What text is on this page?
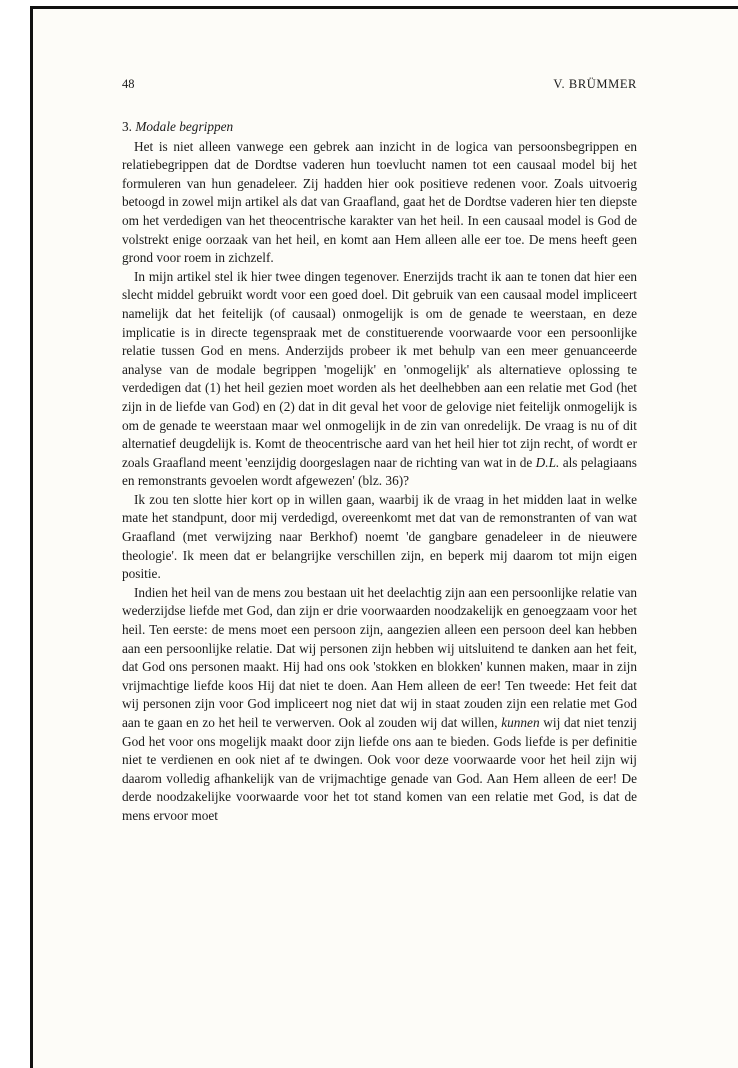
48	V. BRÜMMER
3. Modale begrippen

Het is niet alleen vanwege een gebrek aan inzicht in de logica van persoonsbegrippen en relatiebegrippen dat de Dordtse vaderen hun toevlucht namen tot een causaal model bij het formuleren van hun genadeleer. Zij hadden hier ook positieve redenen voor. Zoals uitvoerig betoogd in zowel mijn artikel als dat van Graafland, gaat het de Dordtse vaderen hier ten diepste om het verdedigen van het theocentrische karakter van het heil. In een causaal model is God de volstrekt enige oorzaak van het heil, en komt aan Hem alleen alle eer toe. De mens heeft geen grond voor roem in zichzelf.

In mijn artikel stel ik hier twee dingen tegenover. Enerzijds tracht ik aan te tonen dat hier een slecht middel gebruikt wordt voor een goed doel. Dit gebruik van een causaal model impliceert namelijk dat het feitelijk (of causaal) onmogelijk is om de genade te weerstaan, en deze implicatie is in directe tegenspraak met de constituerende voorwaarde voor een persoonlijke relatie tussen God en mens. Anderzijds probeer ik met behulp van een meer genuanceerde analyse van de modale begrippen 'mogelijk' en 'onmogelijk' als alternatieve oplossing te verdedigen dat (1) het heil gezien moet worden als het deelhebben aan een relatie met God (het zijn in de liefde van God) en (2) dat in dit geval het voor de gelovige niet feitelijk onmogelijk is om de genade te weerstaan maar wel onmogelijk in de zin van onredelijk. De vraag is nu of dit alternatief deugdelijk is. Komt de theocentrische aard van het heil hier tot zijn recht, of wordt er zoals Graafland meent 'eenzijdig doorgeslagen naar de richting van wat in de D.L. als pelagiaans en remonstrants gevoelen wordt afgewezen' (blz. 36)?

Ik zou ten slotte hier kort op in willen gaan, waarbij ik de vraag in het midden laat in welke mate het standpunt, door mij verdedigd, overeenkomt met dat van de remonstranten of van wat Graafland (met verwijzing naar Berkhof) noemt 'de gangbare genadeleer in de nieuwere theologie'. Ik meen dat er belangrijke verschillen zijn, en beperk mij daarom tot mijn eigen positie.

Indien het heil van de mens zou bestaan uit het deelachtig zijn aan een persoonlijke relatie van wederzijdse liefde met God, dan zijn er drie voorwaarden noodzakelijk en genoegzaam voor het heil. Ten eerste: de mens moet een persoon zijn, aangezien alleen een persoon deel kan hebben aan een persoonlijke relatie. Dat wij personen zijn hebben wij uitsluitend te danken aan het feit, dat God ons personen maakt. Hij had ons ook 'stokken en blokken' kunnen maken, maar in zijn vrijmachtige liefde koos Hij dat niet te doen. Aan Hem alleen de eer! Ten tweede: Het feit dat wij personen zijn voor God impliceert nog niet dat wij in staat zouden zijn een relatie met God aan te gaan en zo het heil te verwerven. Ook al zouden wij dat willen, kunnen wij dat niet tenzij God het voor ons mogelijk maakt door zijn liefde ons aan te bieden. Gods liefde is per definitie niet te verdienen en ook niet af te dwingen. Ook voor deze voorwaarde voor het heil zijn wij daarom volledig afhankelijk van de vrijmachtige genade van God. Aan Hem alleen de eer! De derde noodzakelijke voorwaarde voor het tot stand komen van een relatie met God, is dat de mens ervoor moet
